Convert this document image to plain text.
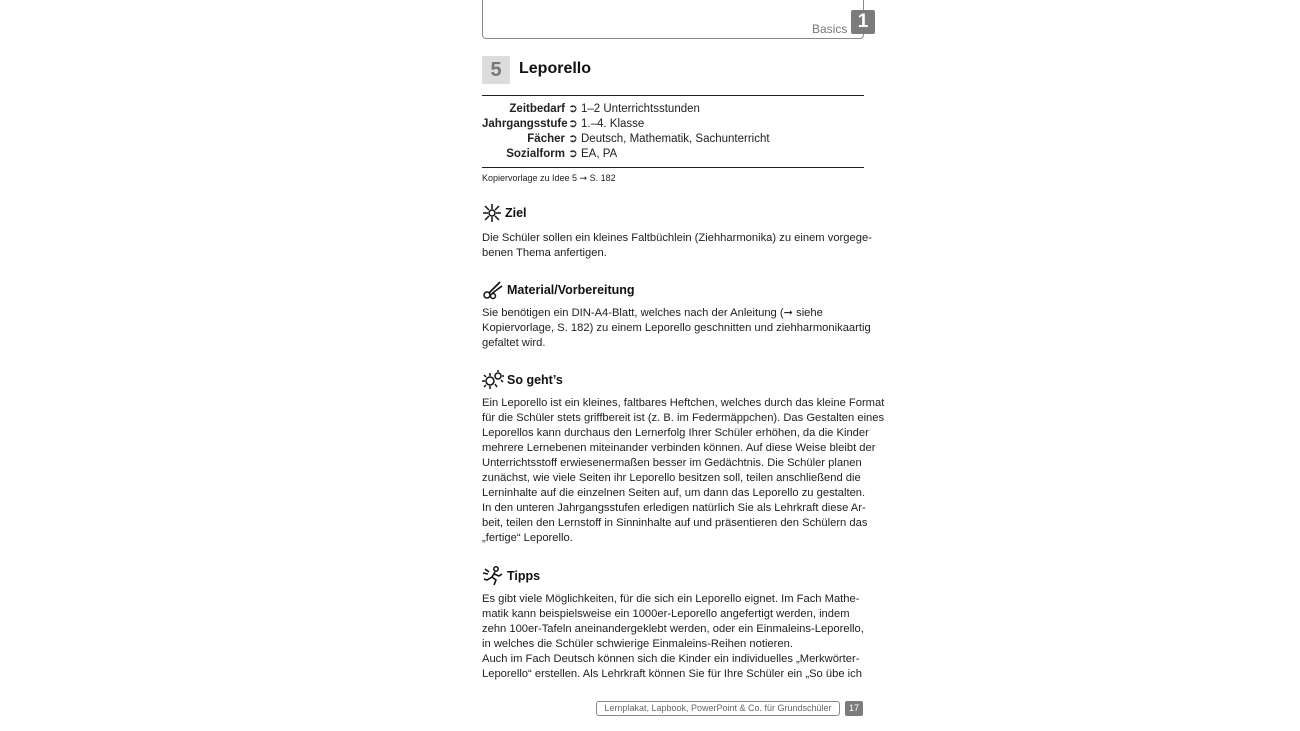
Basics 1
5	Leporello
Zeitbedarf ➲ 1–2 Unterrichtsstunden
Jahrgangsstufe ➲ 1.–4. Klasse
Fächer ➲ Deutsch, Mathematik, Sachunterricht
Sozialform ➲ EA, PA
Kopiervorlage zu Idee 5 ➞ S. 182
Ziel
Die Schüler sollen ein kleines Faltbüchlein (Ziehharmonika) zu einem vorgege-
benen Thema anfertigen.
Material/Vorbereitung
Sie benötigen ein DIN-A4-Blatt, welches nach der Anleitung (➞ siehe
Kopiervorlage, S. 182) zu einem Leporello geschnitten und ziehharmonikaartig
gefaltet wird.
So geht’s
Ein Leporello ist ein kleines, faltbares Heftchen, welches durch das kleine Format
für die Schüler stets griffbereit ist (z. B. im Federmäppchen). Das Gestalten eines
Leporellos kann durchaus den Lernerfolg Ihrer Schüler erhöhen, da die Kinder
mehrere Lernebenen miteinander verbinden können. Auf diese Weise bleibt der
Unterrichtsstoff erwiesenermaßen besser im Gedächtnis. Die Schüler planen
zunächst, wie viele Seiten ihr Leporello besitzen soll, teilen anschließend die
Lerninhalte auf die einzelnen Seiten auf, um dann das Leporello zu gestalten.
In den unteren Jahrgangsstufen erledigen natürlich Sie als Lehrkraft diese Ar-
beit, teilen den Lernstoff in Sinninhalte auf und präsentieren den Schülern das
„fertige“ Leporello.
Tipps
Es gibt viele Möglichkeiten, für die sich ein Leporello eignet. Im Fach Mathe-
matik kann beispielsweise ein 1000er-Leporello angefertigt werden, indem
zehn 100er-Tafeln aneinandergeklebt werden, oder ein Einmaleins-Leporello,
in welches die Schüler schwierige Einmaleins-Reihen notieren.
Auch im Fach Deutsch können sich die Kinder ein individuelles „Merkwörter-
Leporello“ erstellen. Als Lehrkraft können Sie für Ihre Schüler ein „So übe ich
Lernplakat, Lapbook, PowerPoint & Co. für Grundschüler	17
